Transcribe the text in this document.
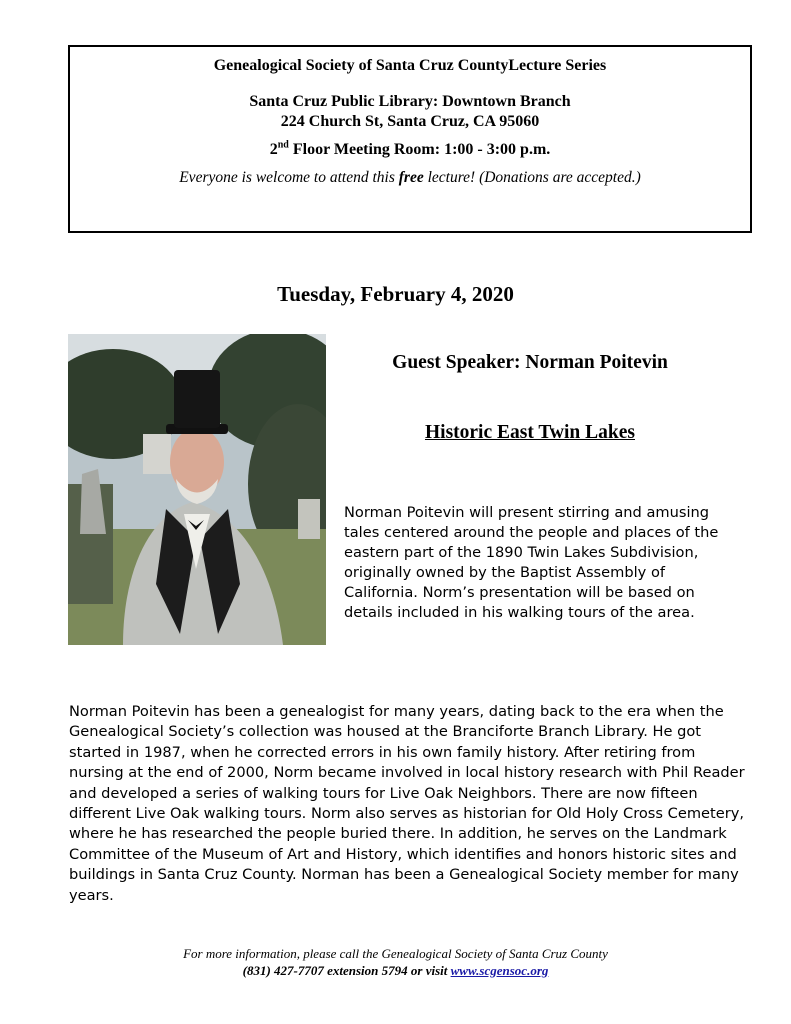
Genealogical Society of Santa Cruz CountyLecture Series
Santa Cruz Public Library: Downtown Branch
224 Church St, Santa Cruz, CA 95060
2nd Floor Meeting Room: 1:00 - 3:00 p.m.
Everyone is welcome to attend this free lecture! (Donations are accepted.)
Tuesday, February 4, 2020
Guest Speaker: Norman Poitevin
Historic East Twin Lakes
Norman Poitevin will present stirring and amusing tales centered around the people and places of the eastern part of the 1890 Twin Lakes Subdivision, originally owned by the Baptist Assembly of California. Norm’s presentation will be based on details included in his walking tours of the area.
Norman Poitevin has been a genealogist for many years, dating back to the era when the Genealogical Society’s collection was housed at the Branciforte Branch Library. He got started in 1987, when he corrected errors in his own family history. After retiring from nursing at the end of 2000, Norm became involved in local history research with Phil Reader and developed a series of walking tours for Live Oak Neighbors. There are now fifteen different Live Oak walking tours. Norm also serves as historian for Old Holy Cross Cemetery, where he has researched the people buried there. In addition, he serves on the Landmark Committee of the Museum of Art and History, which identifies and honors historic sites and buildings in Santa Cruz County. Norman has been a Genealogical Society member for many years.
For more information, please call the Genealogical Society of Santa Cruz County
(831) 427-7707 extension 5794 or visit www.scgensoc.org
